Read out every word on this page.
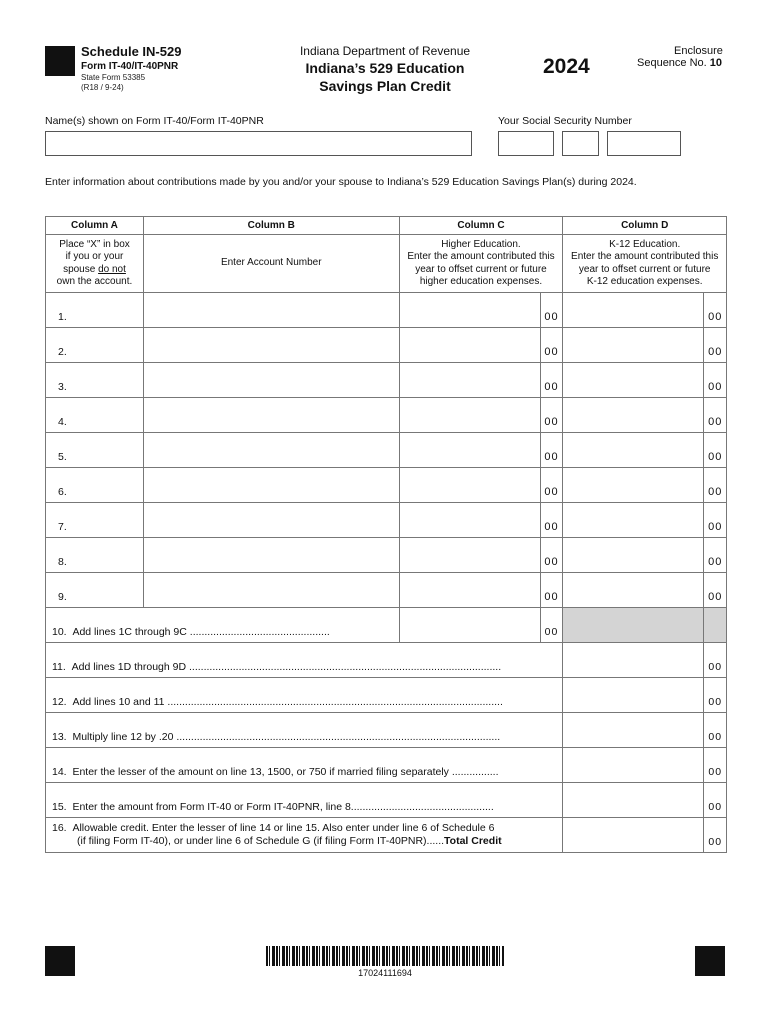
Schedule IN-529
Form IT-40/IT-40PNR
State Form 53385
(R18 / 9-24)
Indiana Department of Revenue
Indiana’s 529 Education
Savings Plan Credit
2024
Enclosure
Sequence No. 10
Name(s) shown on Form IT-40/Form IT-40PNR	Your Social Security Number
Enter information about contributions made by you and/or your spouse to Indiana’s 529 Education Savings Plan(s) during 2024.
Column A	Column B	Column C		Column D	
Place “X” in box
if you or your
spouse do not
own the account.	Enter Account Number	Higher Education.
Enter the amount contributed this
year to offset current or future
higher education expenses.		K-12 Education.
Enter the amount contributed this
year to offset current or future
K-12 education expenses.	
1.			00		00
2.			00		00
3.			00		00
4.			00		00
5.			00		00
6.			00		00
7.			00		00
8.			00		00
9.			00		00
10. Add lines 1C through 9C ................................................			00		
11. Add lines 1D through 9D ...........................................................................................................					00
12. Add lines 10 and 11 ...................................................................................................................					00
13. Multiply line 12 by .20 ...............................................................................................................					00
14. Enter the lesser of the amount on line 13, 1500, or 750 if married filing separately ................					00
15. Enter the amount from Form IT-40 or Form IT-40PNR, line 8.................................................					00
16. Allowable credit. Enter the lesser of line 14 or line 15. Also enter under line 6 of Schedule 6
(if filing Form IT-40), or under line 6 of Schedule G (if filing Form IT-40PNR)......Total Credit					00
17024111694
